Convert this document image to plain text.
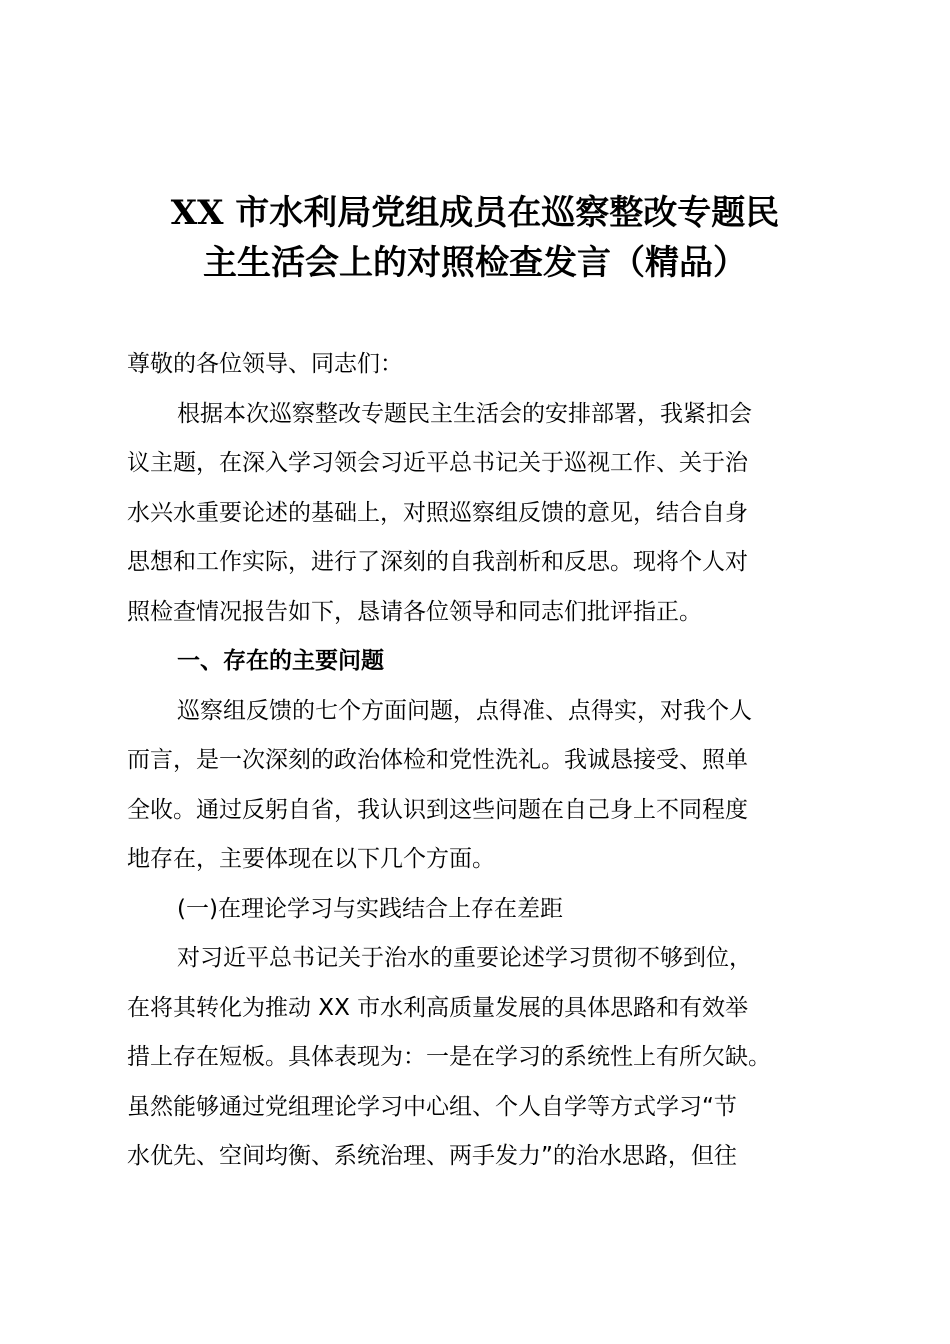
XX 市水利局党组成员在巡察整改专题民
主生活会上的对照检查发言（精品）
尊敬的各位领导、同志们：
根据本次巡察整改专题民主生活会的安排部署，我紧扣会
议主题，在深入学习领会习近平总书记关于巡视工作、关于治
水兴水重要论述的基础上，对照巡察组反馈的意见，结合自身
思想和工作实际，进行了深刻的自我剖析和反思。现将个人对
照检查情况报告如下，恳请各位领导和同志们批评指正。
一、存在的主要问题
巡察组反馈的七个方面问题，点得准、点得实，对我个人
而言，是一次深刻的政治体检和党性洗礼。我诚恳接受、照单
全收。通过反躬自省，我认识到这些问题在自己身上不同程度
地存在，主要体现在以下几个方面。
(一)在理论学习与实践结合上存在差距
对习近平总书记关于治水的重要论述学习贯彻不够到位，
在将其转化为推动 XX 市水利高质量发展的具体思路和有效举
措上存在短板。具体表现为：一是在学习的系统性上有所欠缺。
虽然能够通过党组理论学习中心组、个人自学等方式学习“节
水优先、空间均衡、系统治理、两手发力”的治水思路，但往
